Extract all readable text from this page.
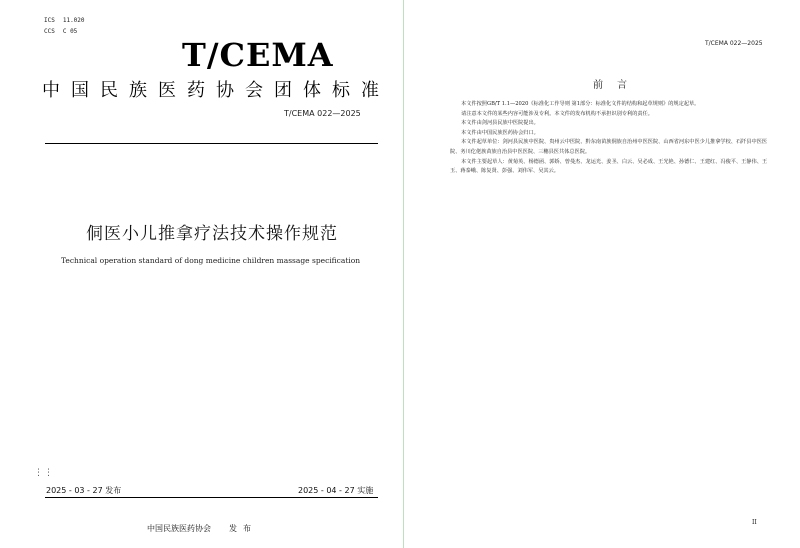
ICS 11.020
CCS C 05
T/CEMA
中国民族医药协会团体标准
T/CEMA 022—2025
侗医小儿推拿疗法技术操作规范
Technical operation standard of dong medicine children massage specification
⋮⋮
2025 - 03 - 27 发布	2025 - 04 - 27 实施
中国民族医药协会 发布
T/CEMA 022—2025
前言

本文件按照GB/T 1.1—2020《标准化工作导则 第1部分：标准化文件的结构和起草规则》的规定起草。

请注意本文件的某些内容可能涉及专利。本文件的发布机构不承担识别专利的责任。

本文件由剑河县民族中医院提出。

本文件由中国民族医药协会归口。

本文件起草单位：剑河县民族中医院、贵州云中医院、黔东南苗族侗族自治州中医医院、山西省河东中医少儿推拿学校、石阡县中医医院、务川仡佬族苗族自治县中医医院、三穗县医共体总医院。

本文件主要起草人：黄菊英、杨德函、郭娇、曾曼杰、龙运光、姜圣、白云、吴必成、王光艳、孙德仁、王建红、冯俊平、王静伟、王玉、蒋泰峨、陈复贤、彭强、刘伟军、吴其云。

II
